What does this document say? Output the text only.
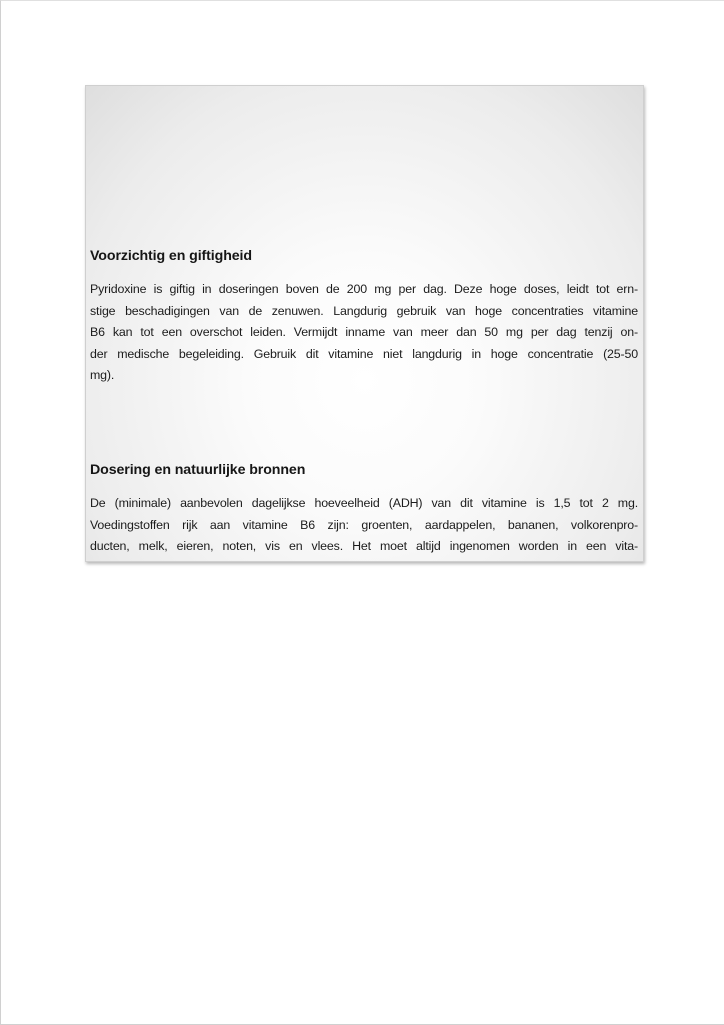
Voorzichtig en giftigheid

Pyridoxine is giftig in doseringen boven de 200 mg per dag. Deze hoge doses, leidt tot ern-
stige beschadigingen van de zenuwen. Langdurig gebruik van hoge concentraties vitamine
B6 kan tot een overschot leiden. Vermijdt inname van meer dan 50 mg per dag tenzij on-
der medische begeleiding. Gebruik dit vitamine niet langdurig in hoge concentratie (25-50
mg).

Dosering en natuurlijke bronnen

De (minimale) aanbevolen dagelijkse hoeveelheid (ADH) van dit vitamine is 1,5 tot 2 mg.
Voedingstoffen rijk aan vitamine B6 zijn: groenten, aardappelen, bananen, volkorenpro-
ducten, melk, eieren, noten, vis en vlees. Het moet altijd ingenomen worden in een vita-
